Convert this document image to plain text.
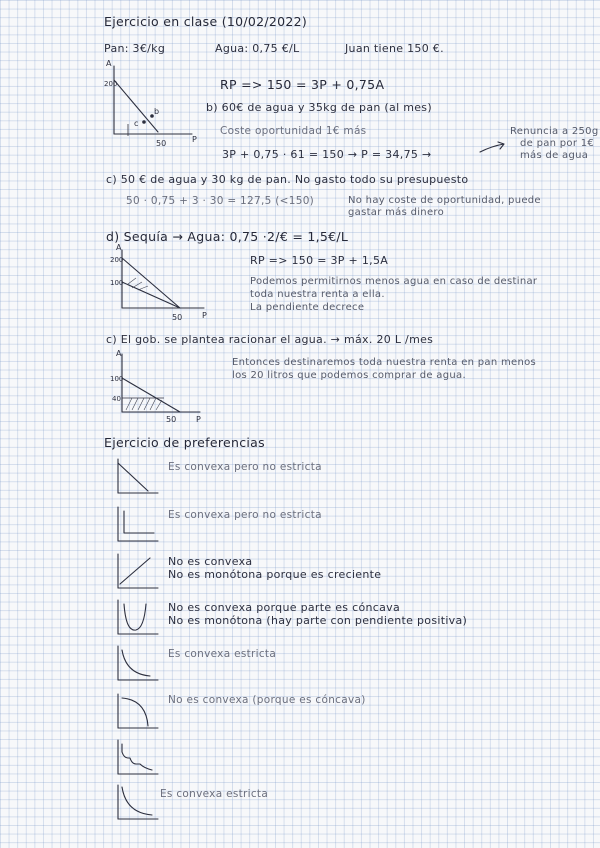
Ejercicio en clase (10/02/2022)
Pan: 3€/kg	Agua: 0,75 €/L	Juan tiene 150 €.
200
A
50	P
c
b
RP => 150 = 3P + 0,75A
b) 60€ de agua y 35kg de pan (al mes)
Coste oportunidad 1€ más
3P + 0,75 · 61 = 150 → P = 34,75 →
Renuncia a 250g
de pan por 1€
más de agua
c) 50 € de agua y 30 kg de pan. No gasto todo su presupuesto
50 · 0,75 + 3 · 30 = 127,5 (<150)	No hay coste de oportunidad, puede
gastar más dinero
d) Sequía → Agua: 0,75 ·2/€ = 1,5€/L
A
200
100
50 P
RP => 150 = 3P + 1,5A
Podemos permitirnos menos agua en caso de destinar
toda nuestra renta a ella.
La pendiente decrece
c) El gob. se plantea racionar el agua. → máx. 20 L /mes
A
100
40
50 P
Entonces destinaremos toda nuestra renta en pan menos
los 20 litros que podemos comprar de agua.
Ejercicio de preferencias
Es convexa pero no estricta
Es convexa pero no estricta
No es convexa
No es monótona porque es creciente
No es convexa porque parte es cóncava
No es monótona (hay parte con pendiente positiva)
Es convexa estricta
No es convexa (porque es cóncava)
Es convexa estricta
